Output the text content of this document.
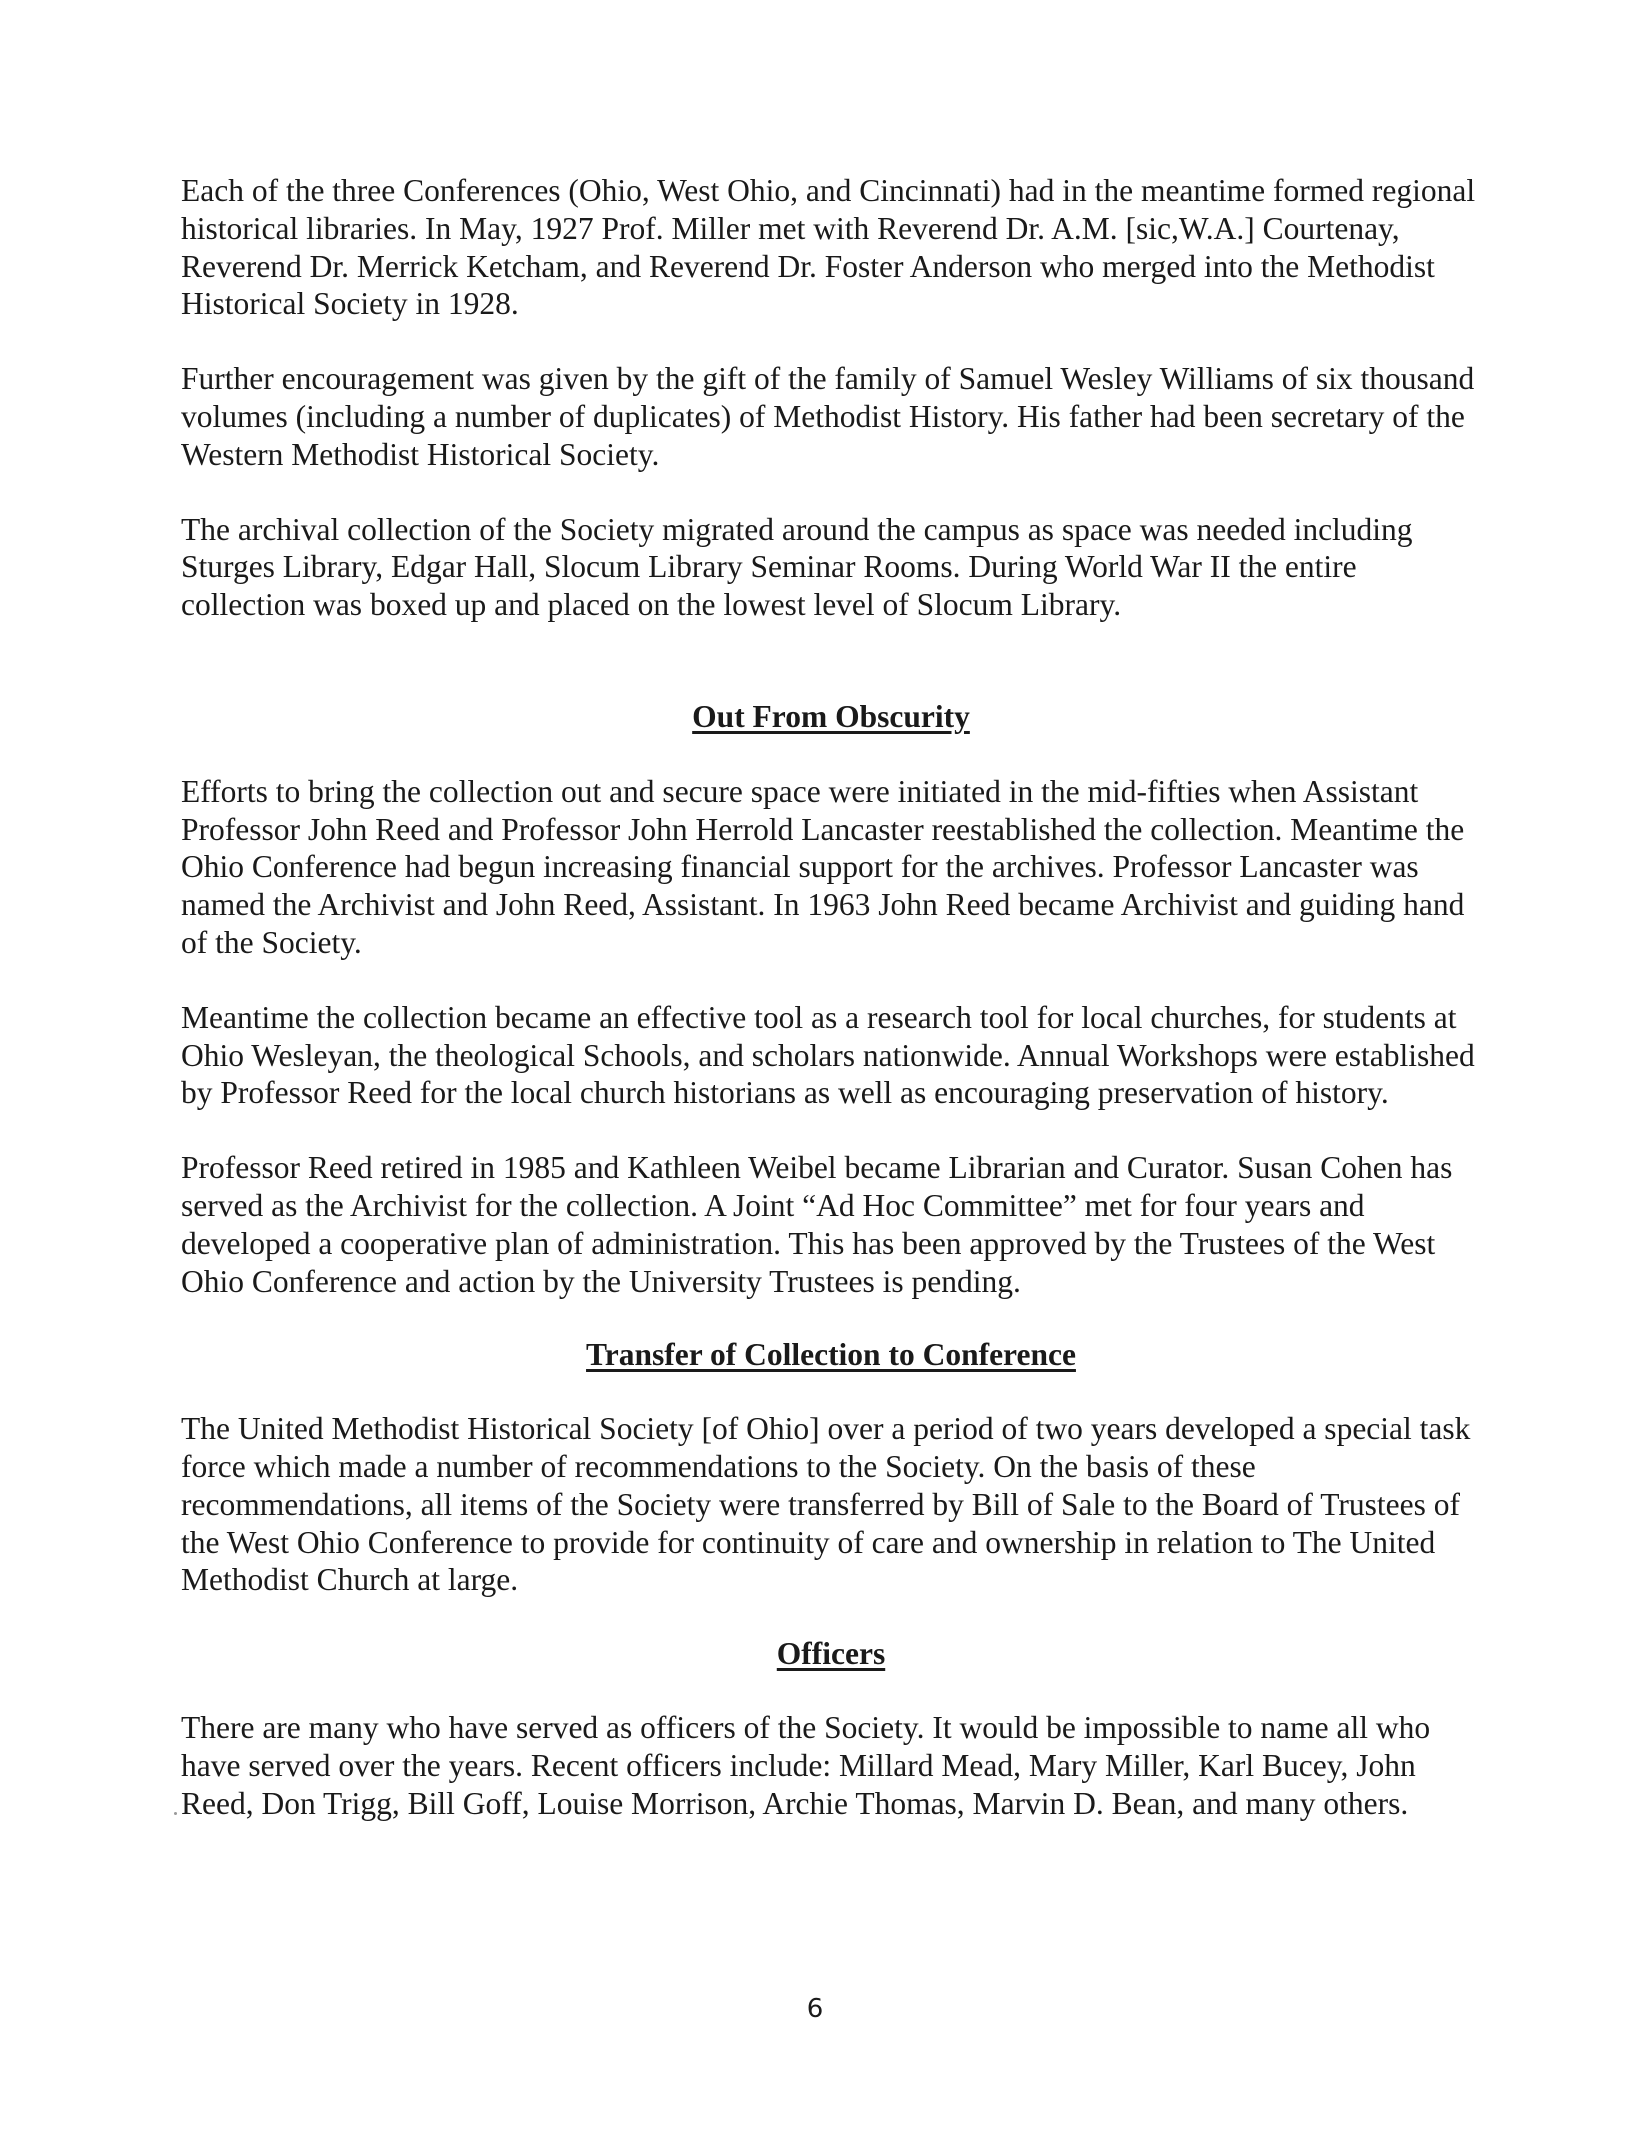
Each of the three Conferences (Ohio, West Ohio, and Cincinnati) had in the meantime formed regional historical libraries. In May, 1927 Prof. Miller met with Reverend Dr. A.M. [sic,W.A.] Courtenay, Reverend Dr. Merrick Ketcham, and Reverend Dr. Foster Anderson who merged into the Methodist Historical Society in 1928.

Further encouragement was given by the gift of the family of Samuel Wesley Williams of six thousand volumes (including a number of duplicates) of Methodist History. His father had been secretary of the Western Methodist Historical Society.

The archival collection of the Society migrated around the campus as space was needed including Sturges Library, Edgar Hall, Slocum Library Seminar Rooms. During World War II the entire collection was boxed up and placed on the lowest level of Slocum Library.

Out From Obscurity

Efforts to bring the collection out and secure space were initiated in the mid-fifties when Assistant Professor John Reed and Professor John Herrold Lancaster reestablished the collection. Meantime the Ohio Conference had begun increasing financial support for the archives. Professor Lancaster was named the Archivist and John Reed, Assistant. In 1963 John Reed became Archivist and guiding hand of the Society.

Meantime the collection became an effective tool as a research tool for local churches, for students at Ohio Wesleyan, the theological Schools, and scholars nationwide. Annual Workshops were established by Professor Reed for the local church historians as well as encouraging preservation of history.

Professor Reed retired in 1985 and Kathleen Weibel became Librarian and Curator. Susan Cohen has served as the Archivist for the collection. A Joint “Ad Hoc Committee” met for four years and developed a cooperative plan of administration. This has been approved by the Trustees of the West Ohio Conference and action by the University Trustees is pending.

Transfer of Collection to Conference

The United Methodist Historical Society [of Ohio] over a period of two years developed a special task force which made a number of recommendations to the Society. On the basis of these recommendations, all items of the Society were transferred by Bill of Sale to the Board of Trustees of the West Ohio Conference to provide for continuity of care and ownership in relation to The United Methodist Church at large.

Officers

There are many who have served as officers of the Society. It would be impossible to name all who have served over the years. Recent officers include: Millard Mead, Mary Miller, Karl Bucey, John Reed, Don Trigg, Bill Goff, Louise Morrison, Archie Thomas, Marvin D. Bean, and many others.

6
